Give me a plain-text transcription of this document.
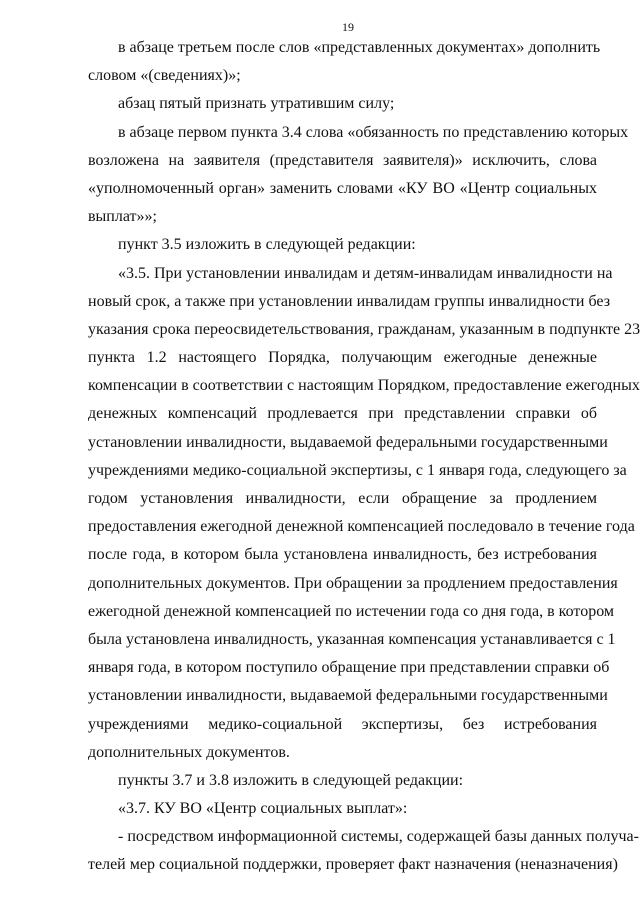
19
в абзаце третьем после слов «представленных документах» дополнить
словом «(сведениях)»;
абзац пятый признать утратившим силу;
в абзаце первом пункта 3.4 слова «обязанность по представлению которых
возложена на заявителя (представителя заявителя)» исключить, слова
«уполномоченный орган» заменить словами «КУ ВО «Центр социальных
выплат»»;
пункт 3.5 изложить в следующей редакции:
«3.5. При установлении инвалидам и детям-инвалидам инвалидности на
новый срок, а также при установлении инвалидам группы инвалидности без
указания срока переосвидетельствования, гражданам, указанным в подпункте 23
пункта 1.2 настоящего Порядка, получающим ежегодные денежные
компенсации в соответствии с настоящим Порядком, предоставление ежегодных
денежных компенсаций продлевается при представлении справки об
установлении инвалидности, выдаваемой федеральными государственными
учреждениями медико-социальной экспертизы, с 1 января года, следующего за
годом установления инвалидности, если обращение за продлением
предоставления ежегодной денежной компенсацией последовало в течение года
после года, в котором была установлена инвалидность, без истребования
дополнительных документов. При обращении за продлением предоставления
ежегодной денежной компенсацией по истечении года со дня года, в котором
была установлена инвалидность, указанная компенсация устанавливается с 1
января года, в котором поступило обращение при представлении справки об
установлении инвалидности, выдаваемой федеральными государственными
учреждениями медико-социальной экспертизы, без истребования
дополнительных документов.
пункты 3.7 и 3.8 изложить в следующей редакции:
«3.7. КУ ВО «Центр социальных выплат»:
- посредством информационной системы, содержащей базы данных получа-
телей мер социальной поддержки, проверяет факт назначения (неназначения)
